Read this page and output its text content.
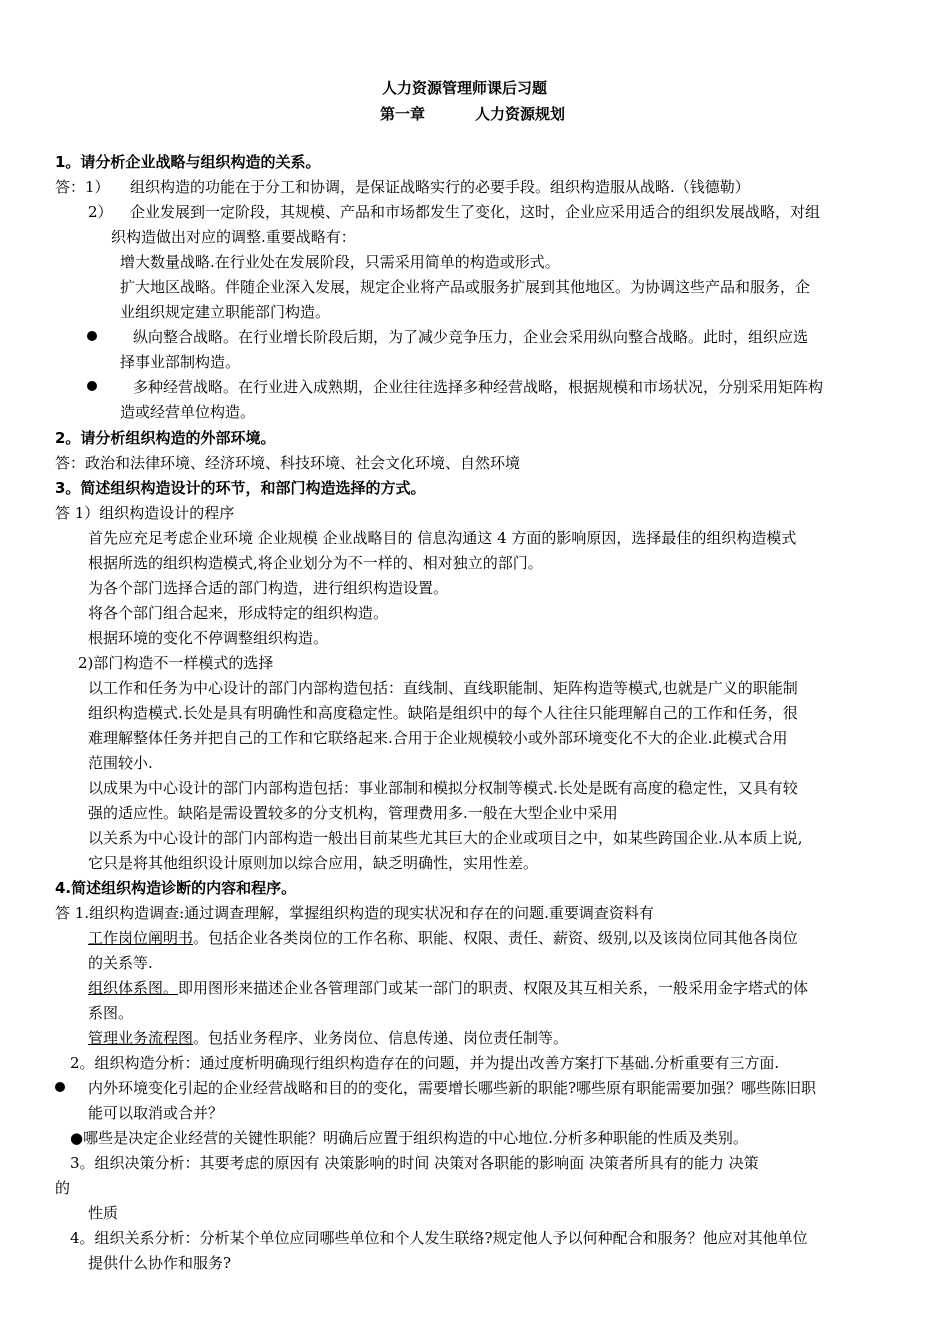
人力资源管理师课后习题
第一章	人力资源规划
1。请分析企业战略与组织构造的关系。
答：1） 组织构造的功能在于分工和协调，是保证战略实行的必要手段。组织构造服从战略.（钱德勒）
2） 企业发展到一定阶段，其规模、产品和市场都发生了变化，这时，企业应采用适合的组织发展战略，对组
织构造做出对应的调整.重要战略有：
增大数量战略.在行业处在发展阶段，只需采用简单的构造或形式。
扩大地区战略。伴随企业深入发展，规定企业将产品或服务扩展到其他地区。为协调这些产品和服务，企
业组织规定建立职能部门构造。
纵向整合战略。在行业增长阶段后期，为了减少竞争压力，企业会采用纵向整合战略。此时，组织应选
择事业部制构造。
多种经营战略。在行业进入成熟期，企业往往选择多种经营战略，根据规模和市场状况，分别采用矩阵构
造或经营单位构造。
2。请分析组织构造的外部环境。
答：政治和法律环境、经济环境、科技环境、社会文化环境、自然环境
3。简述组织构造设计的环节，和部门构造选择的方式。
答 1）组织构造设计的程序
首先应充足考虑企业环境 企业规模 企业战略目的 信息沟通这 4 方面的影响原因，选择最佳的组织构造模式
根据所选的组织构造模式,将企业划分为不一样的、相对独立的部门。
为各个部门选择合适的部门构造，进行组织构造设置。
将各个部门组合起来，形成特定的组织构造。
根据环境的变化不停调整组织构造。
2)部门构造不一样模式的选择
以工作和任务为中心设计的部门内部构造包括：直线制、直线职能制、矩阵构造等模式,也就是广义的职能制
组织构造模式.长处是具有明确性和高度稳定性。缺陷是组织中的每个人往往只能理解自己的工作和任务，很
难理解整体任务并把自己的工作和它联络起来.合用于企业规模较小或外部环境变化不大的企业.此模式合用
范围较小.
以成果为中心设计的部门内部构造包括：事业部制和模拟分权制等模式.长处是既有高度的稳定性，又具有较
强的适应性。缺陷是需设置较多的分支机构，管理费用多.一般在大型企业中采用
以关系为中心设计的部门内部构造一般出目前某些尤其巨大的企业或项目之中，如某些跨国企业.从本质上说,
它只是将其他组织设计原则加以综合应用，缺乏明确性，实用性差。
4.简述组织构造诊断的内容和程序。
答 1.组织构造调查:通过调查理解，掌握组织构造的现实状况和存在的问题.重要调查资料有
工作岗位阐明书。包括企业各类岗位的工作名称、职能、权限、责任、薪资、级别,以及该岗位同其他各岗位
的关系等.
组织体系图。即用图形来描述企业各管理部门或某一部门的职责、权限及其互相关系，一般采用金字塔式的体
系图。
管理业务流程图。包括业务程序、业务岗位、信息传递、岗位责任制等。
2。组织构造分析：通过度析明确现行组织构造存在的问题，并为提出改善方案打下基础.分析重要有三方面.
内外环境变化引起的企业经营战略和目的的变化，需要增长哪些新的职能?哪些原有职能需要加强？哪些陈旧职
能可以取消或合并？
●哪些是决定企业经营的关键性职能？明确后应置于组织构造的中心地位.分析多种职能的性质及类别。
3。组织决策分析：其要考虑的原因有 决策影响的时间 决策对各职能的影响面 决策者所具有的能力 决策
的
性质
4。组织关系分析：分析某个单位应同哪些单位和个人发生联络?规定他人予以何种配合和服务？他应对其他单位
提供什么协作和服务?
